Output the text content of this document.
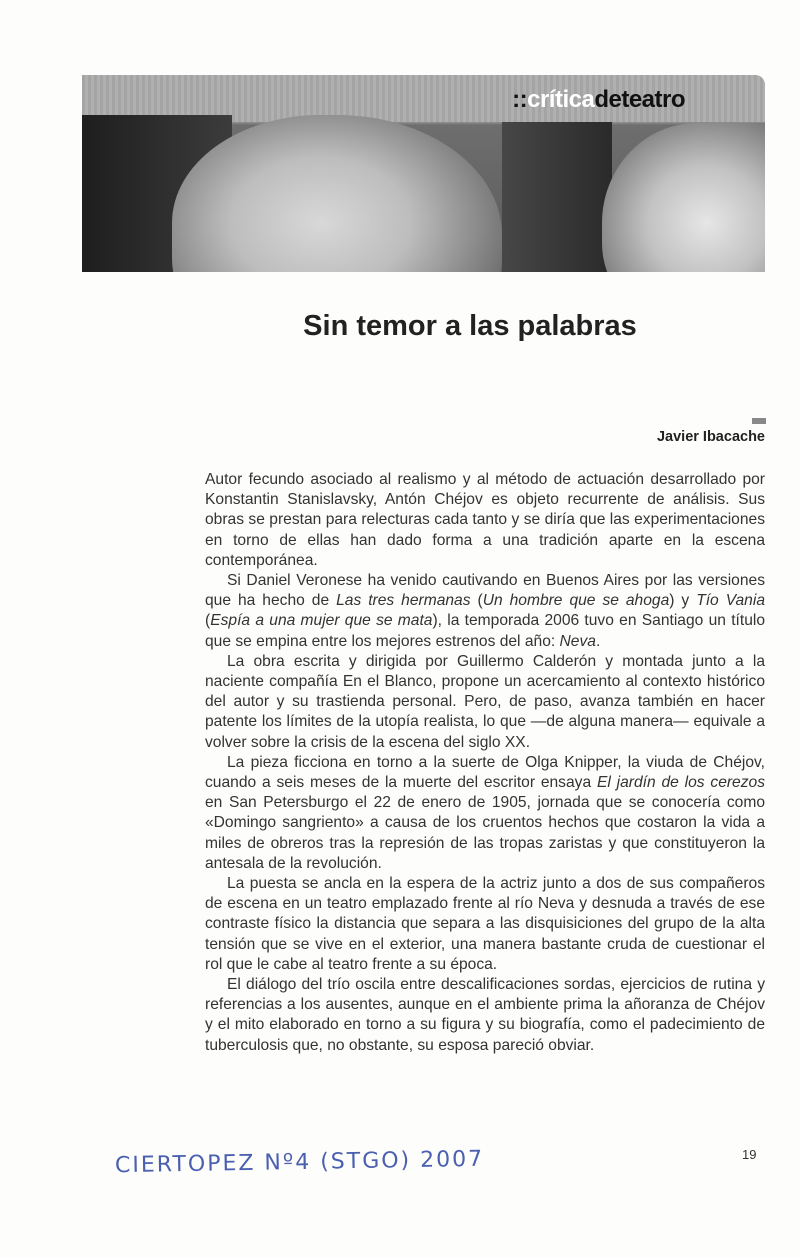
::críticadeteatro
Sin temor a las palabras
Javier Ibacache

Autor fecundo asociado al realismo y al método de actuación desarrollado por Konstantin Stanislavsky, Antón Chéjov es objeto recurrente de análisis. Sus obras se prestan para relecturas cada tanto y se diría que las experimentaciones en torno de ellas han dado forma a una tradición aparte en la escena contemporánea.

Si Daniel Veronese ha venido cautivando en Buenos Aires por las versiones que ha hecho de Las tres hermanas (Un hombre que se ahoga) y Tío Vania (Espía a una mujer que se mata), la temporada 2006 tuvo en Santiago un título que se empina entre los mejores estrenos del año: Neva.

La obra escrita y dirigida por Guillermo Calderón y montada junto a la naciente compañía En el Blanco, propone un acercamiento al contexto histórico del autor y su trastienda personal. Pero, de paso, avanza también en hacer patente los límites de la utopía realista, lo que —de alguna manera— equivale a volver sobre la crisis de la escena del siglo XX.

La pieza ficciona en torno a la suerte de Olga Knipper, la viuda de Chéjov, cuando a seis meses de la muerte del escritor ensaya El jardín de los cerezos en San Petersburgo el 22 de enero de 1905, jornada que se conocería como «Domingo sangriento» a causa de los cruentos hechos que costaron la vida a miles de obreros tras la represión de las tropas zaristas y que constituyeron la antesala de la revolución.

La puesta se ancla en la espera de la actriz junto a dos de sus compañeros de escena en un teatro emplazado frente al río Neva y desnuda a través de ese contraste físico la distancia que separa a las disquisiciones del grupo de la alta tensión que se vive en el exterior, una manera bastante cruda de cuestionar el rol que le cabe al teatro frente a su época.

El diálogo del trío oscila entre descalificaciones sordas, ejercicios de rutina y referencias a los ausentes, aunque en el ambiente prima la añoranza de Chéjov y el mito elaborado en torno a su figura y su biografía, como el padecimiento de tuberculosis que, no obstante, su esposa pareció obviar.

CIERTOPEZ Nº4 (STGO) 2007	19
